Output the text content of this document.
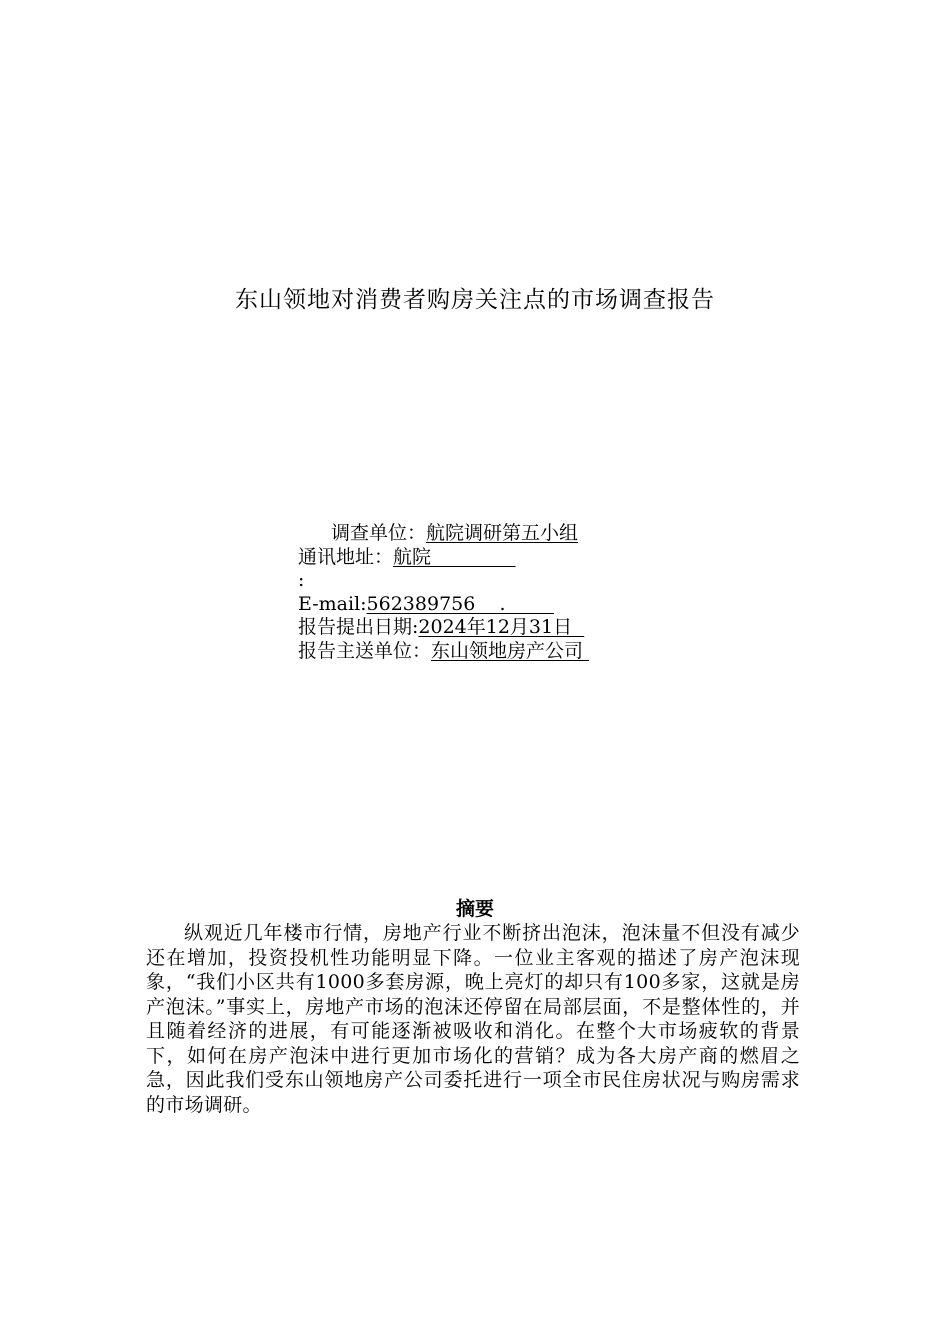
东山领地对消费者购房关注点的市场调查报告
调查单位：航院调研第五小组
通讯地址：航院
:
E-mail:562389756    .
报告提出日期:2024年12月31日
报告主送单位：东山领地房产公司
摘要

纵观近几年楼市行情，房地产行业不断挤出泡沫，泡沫量不但没有减少还在增加，投资投机性功能明显下降。一位业主客观的描述了房产泡沫现象，“我们小区共有1000多套房源，晚上亮灯的却只有100多家，这就是房产泡沫。”事实上，房地产市场的泡沫还停留在局部层面，不是整体性的，并且随着经济的进展，有可能逐渐被吸收和消化。在整个大市场疲软的背景下，如何在房产泡沫中进行更加市场化的营销？成为各大房产商的燃眉之急，因此我们受东山领地房产公司委托进行一项全市民住房状况与购房需求的市场调研。
